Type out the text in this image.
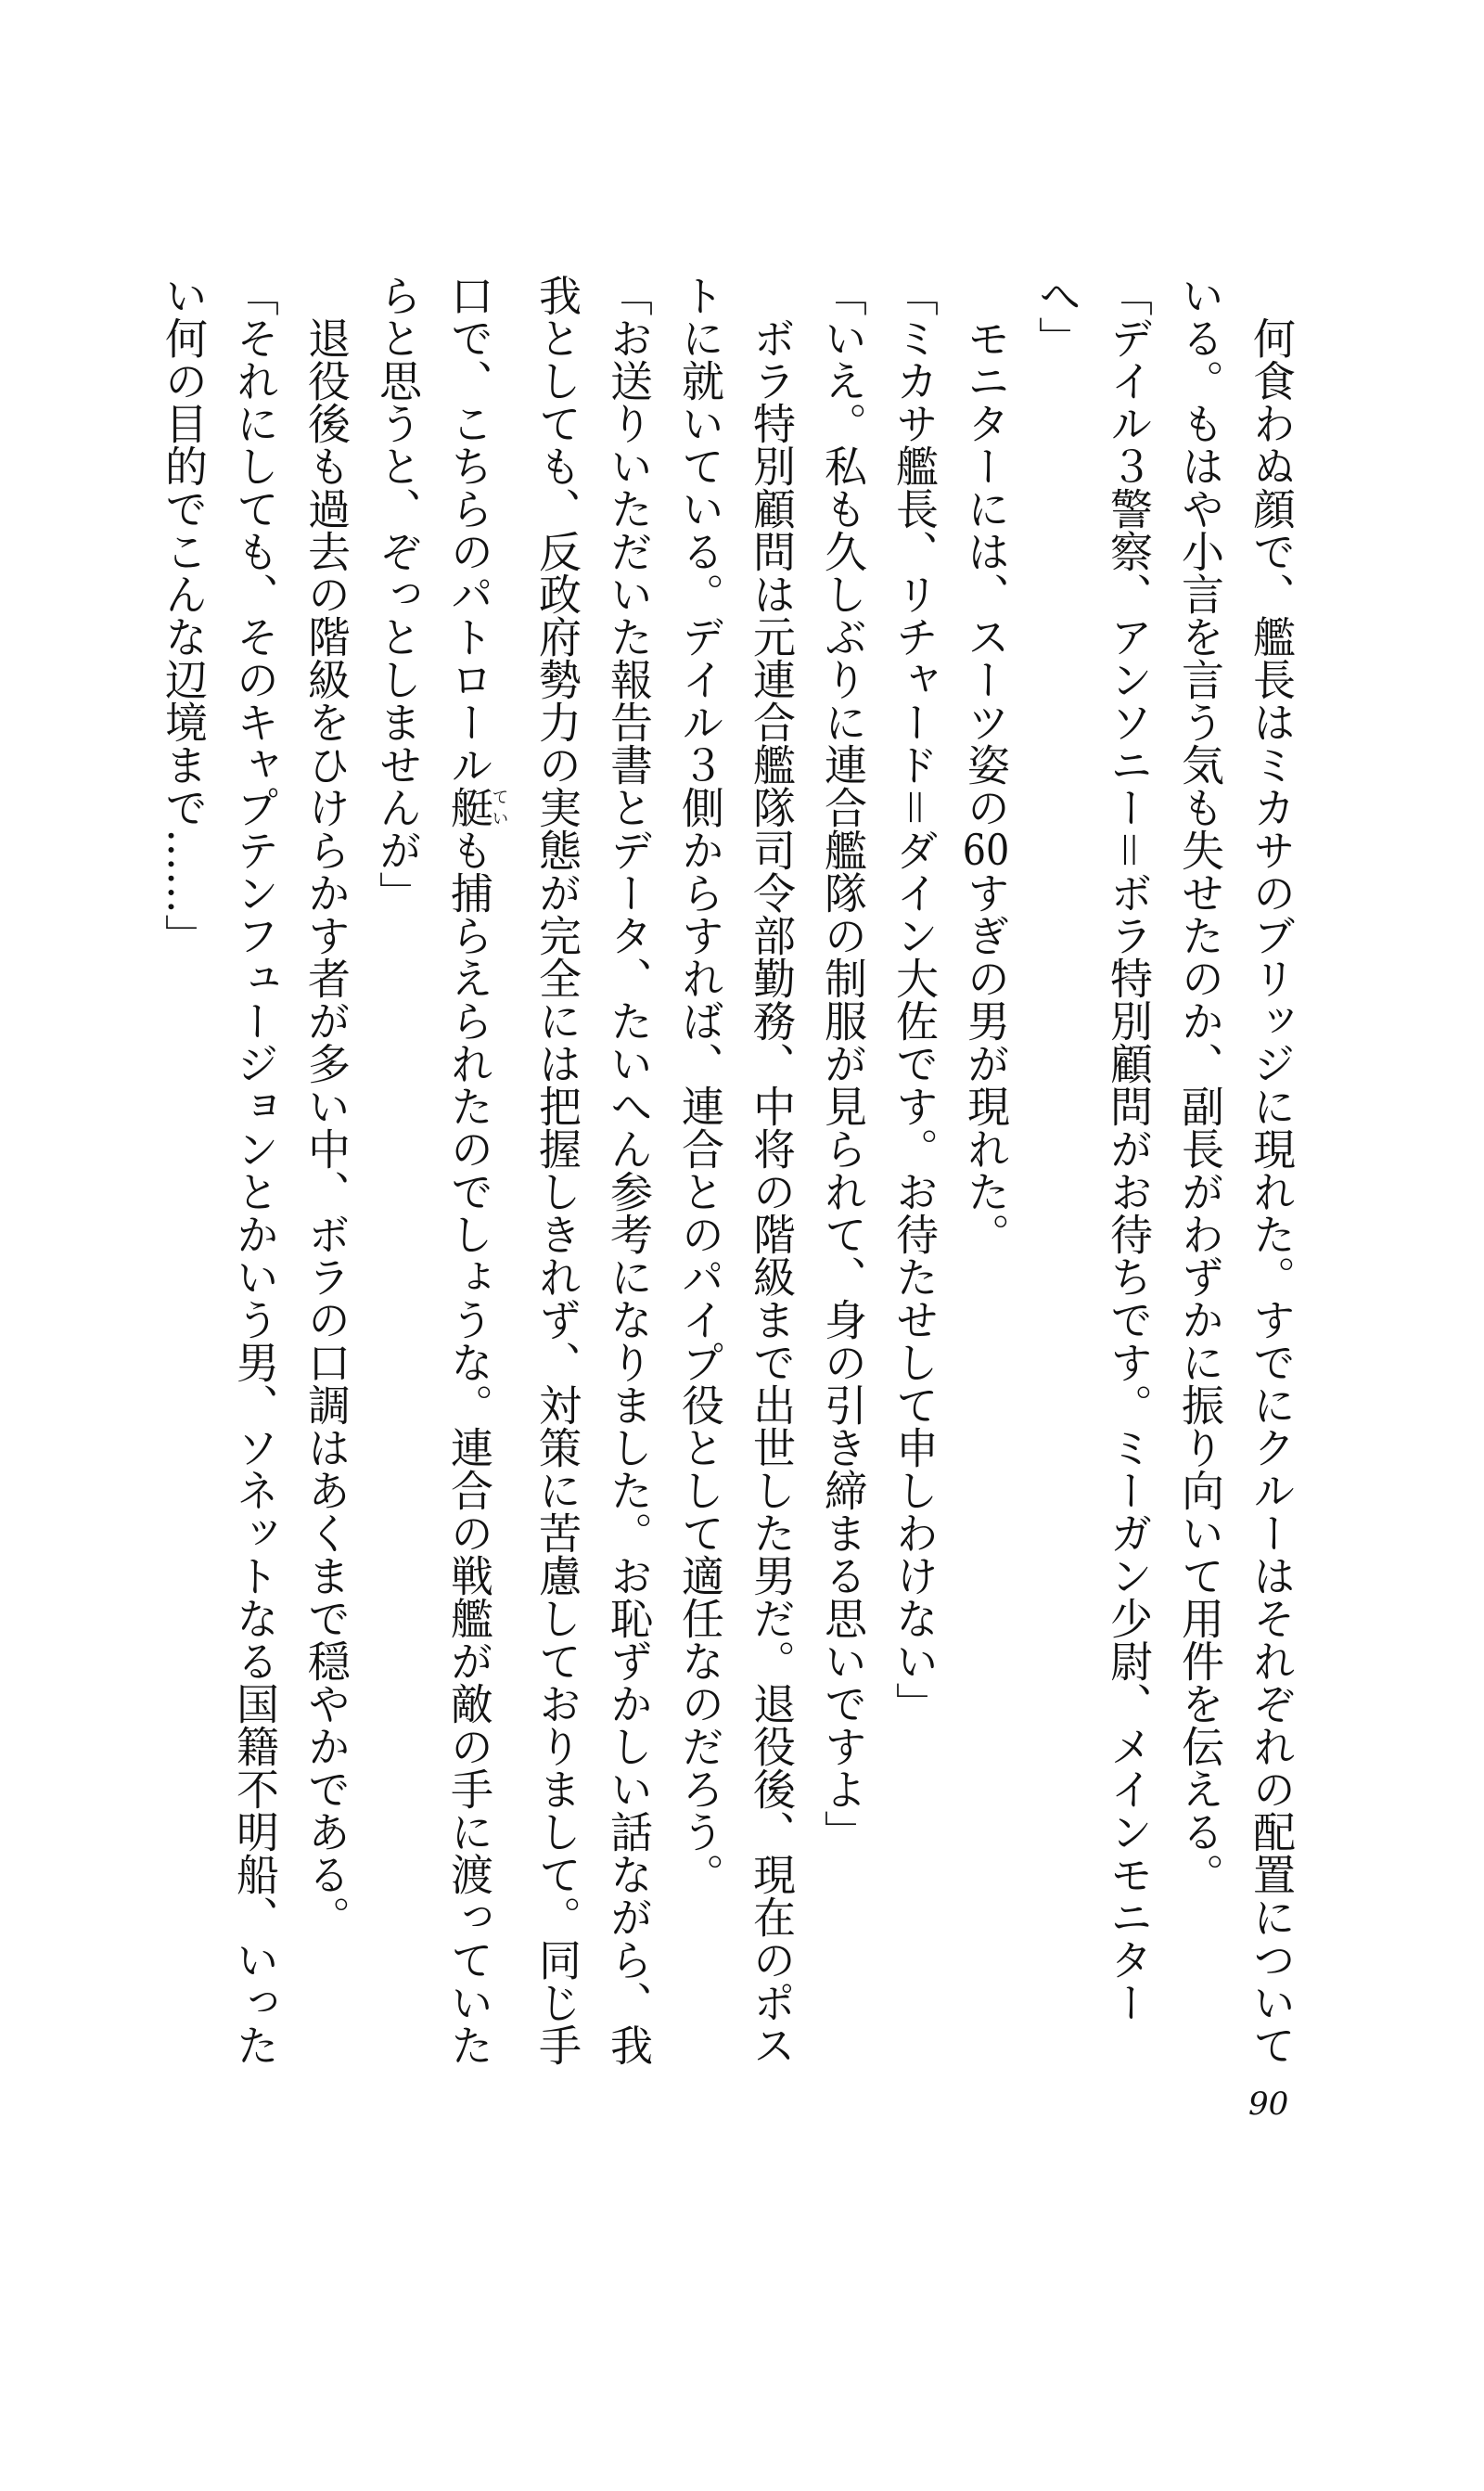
何食わぬ顔で、艦長はミカサのブリッジに現れた。すでにクルーはそれぞれの配置について

いる。もはや小言を言う気も失せたのか、副長がわずかに振り向いて用件を伝える。

「デイル３警察、アンソニー＝ボラ特別顧問がお待ちです。ミーガン少尉、メインモニター

へ」

モニターには、スーツ姿の60すぎの男が現れた。

「ミカサ艦長、リチャード＝ダイン大佐です。お待たせして申しわけない」

「いえ。私も久しぶりに連合艦隊の制服が見られて、身の引き締まる思いですよ」

ボラ特別顧問は元連合艦隊司令部勤務、中将の階級まで出世した男だ。退役後、現在のポス

トに就いている。デイル３側からすれば、連合とのパイプ役として適任なのだろう。

「お送りいただいた報告書とデータ、たいへん参考になりました。お恥ずかしい話ながら、我

我としても、反政府勢力の実態が完全には把握しきれず、対策に苦慮しておりまして。同じ手

口で、こちらのパトロール艇ていも捕らえられたのでしょうな。連合の戦艦が敵の手に渡っていた

らと思うと、ぞっとしませんが」

退役後も過去の階級をひけらかす者が多い中、ボラの口調はあくまで穏やかである。

「それにしても、そのキャプテンフュージョンとかいう男、ソネットなる国籍不明船、いった

い何の目的でこんな辺境まで……」

90
